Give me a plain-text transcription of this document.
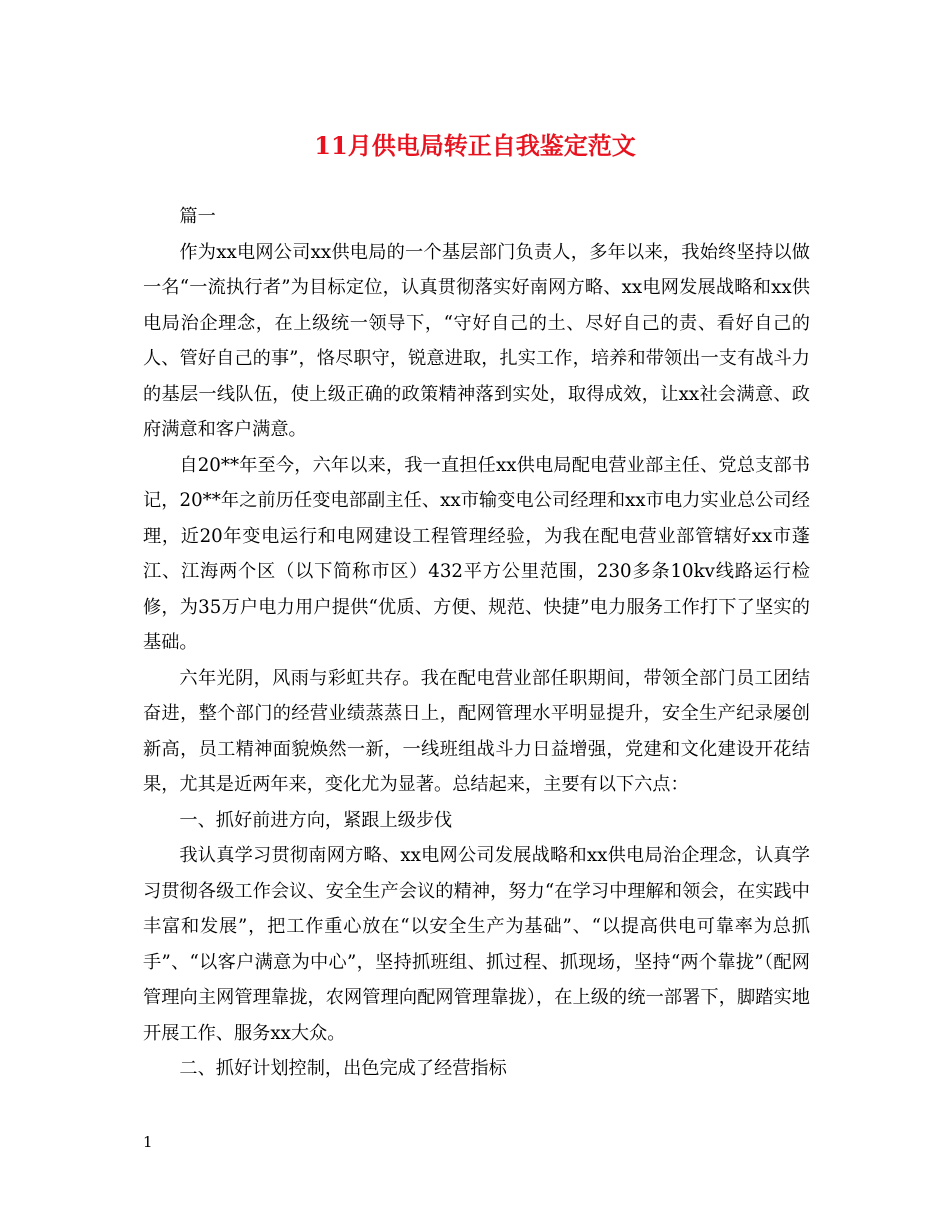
11月供电局转正自我鉴定范文

篇一

作为xx电网公司xx供电局的一个基层部门负责人，多年以来，我始终坚持以做一名“一流执行者”为目标定位，认真贯彻落实好南网方略、xx电网发展战略和xx供电局治企理念，在上级统一领导下，“守好自己的土、尽好自己的责、看好自己的人、管好自己的事”，恪尽职守，锐意进取，扎实工作，培养和带领出一支有战斗力的基层一线队伍，使上级正确的政策精神落到实处，取得成效，让xx社会满意、政府满意和客户满意。

自20**年至今，六年以来，我一直担任xx供电局配电营业部主任、党总支部书记，20**年之前历任变电部副主任、xx市输变电公司经理和xx市电力实业总公司经理，近20年变电运行和电网建设工程管理经验，为我在配电营业部管辖好xx市蓬江、江海两个区（以下简称市区）432平方公里范围，230多条10kv线路运行检修，为35万户电力用户提供“优质、方便、规范、快捷”电力服务工作打下了坚实的基础。

六年光阴，风雨与彩虹共存。我在配电营业部任职期间，带领全部门员工团结奋进，整个部门的经营业绩蒸蒸日上，配网管理水平明显提升，安全生产纪录屡创新高，员工精神面貌焕然一新，一线班组战斗力日益增强，党建和文化建设开花结果，尤其是近两年来，变化尤为显著。总结起来，主要有以下六点：

一、抓好前进方向，紧跟上级步伐

我认真学习贯彻南网方略、xx电网公司发展战略和xx供电局治企理念，认真学习贯彻各级工作会议、安全生产会议的精神，努力“在学习中理解和领会，在实践中丰富和发展”，把工作重心放在“以安全生产为基础”、“以提高供电可靠率为总抓手”、“以客户满意为中心”，坚持抓班组、抓过程、抓现场，坚持“两个靠拢”（配网管理向主网管理靠拢，农网管理向配网管理靠拢），在上级的统一部署下，脚踏实地开展工作、服务xx大众。

二、抓好计划控制，出色完成了经营指标

1
